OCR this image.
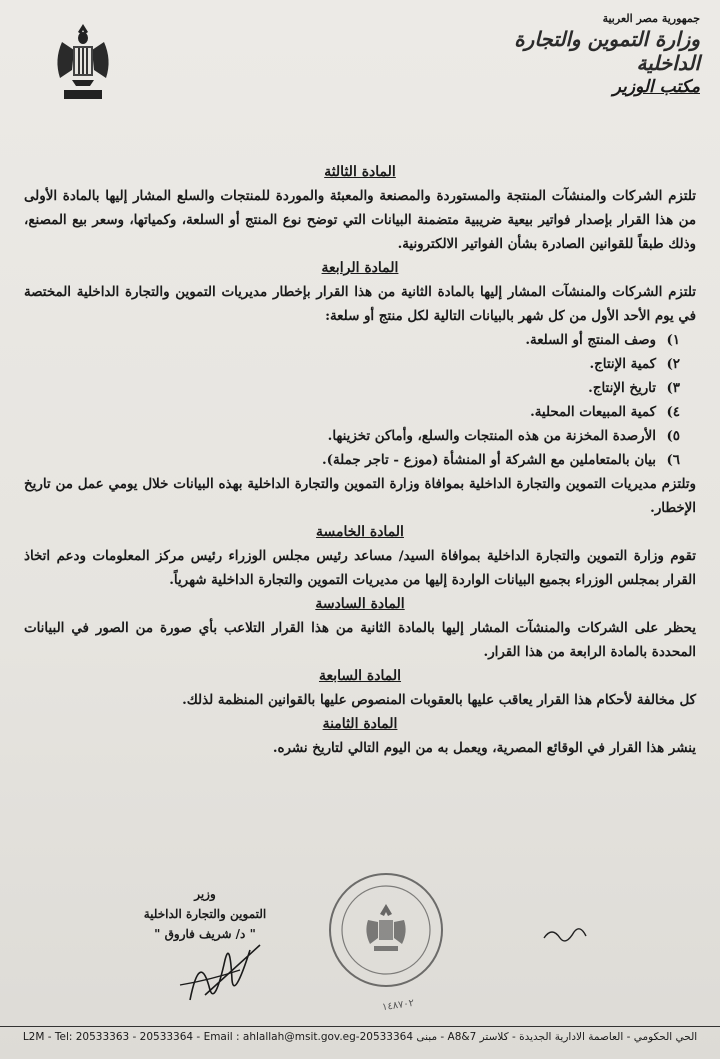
جمهورية مصر العربية

وزارة التموين والتجارة الداخلية

مكتب الوزير

المادة الثالثة

تلتزم الشركات والمنشآت المنتجة والمستوردة والمصنعة والمعبئة والموردة للمنتجات والسلع المشار إليها بالمادة الأولى من هذا القرار بإصدار فواتير بيعية ضريبية متضمنة البيانات التي توضح نوع المنتج أو السلعة، وكمياتها، وسعر بيع المصنع، وذلك طبقاً للقوانين الصادرة بشأن الفواتير الالكترونية.

المادة الرابعة

تلتزم الشركات والمنشآت المشار إليها بالمادة الثانية من هذا القرار بإخطار مديريات التموين والتجارة الداخلية المختصة في يوم الأحد الأول من كل شهر بالبيانات التالية لكل منتج أو سلعة:

١)وصف المنتج أو السلعة.
٢)كمية الإنتاج.
٣)تاريخ الإنتاج.
٤)كمية المبيعات المحلية.
٥)الأرصدة المخزنة من هذه المنتجات والسلع، وأماكن تخزينها.
٦)بيان بالمتعاملين مع الشركة أو المنشأة (موزع - تاجر جملة).

وتلتزم مديريات التموين والتجارة الداخلية بموافاة وزارة التموين والتجارة الداخلية بهذه البيانات خلال يومي عمل من تاريخ الإخطار.

المادة الخامسة

تقوم وزارة التموين والتجارة الداخلية بموافاة السيد/ مساعد رئيس مجلس الوزراء رئيس مركز المعلومات ودعم اتخاذ القرار بمجلس الوزراء بجميع البيانات الواردة إليها من مديريات التموين والتجارة الداخلية شهرياً.

المادة السادسة

يحظر على الشركات والمنشآت المشار إليها بالمادة الثانية من هذا القرار التلاعب بأي صورة من الصور في البيانات المحددة بالمادة الرابعة من هذا القرار.

المادة السابعة

كل مخالفة لأحكام هذا القرار يعاقب عليها بالعقوبات المنصوص عليها بالقوانين المنظمة لذلك.

المادة الثامنة

ينشر هذا القرار في الوقائع المصرية، ويعمل به من اليوم التالي لتاريخ نشره.

وزير
التموين والتجارة الداخلية
" د/ شريف فاروق "
١٤٨٧٠٢
الحي الحكومي - العاصمة الادارية الجديدة - كلاستر A8&7 - مبنى L2M - Tel: 20533363 - 20533364 - Email : ahlallah@msit.gov.eg-20533364
